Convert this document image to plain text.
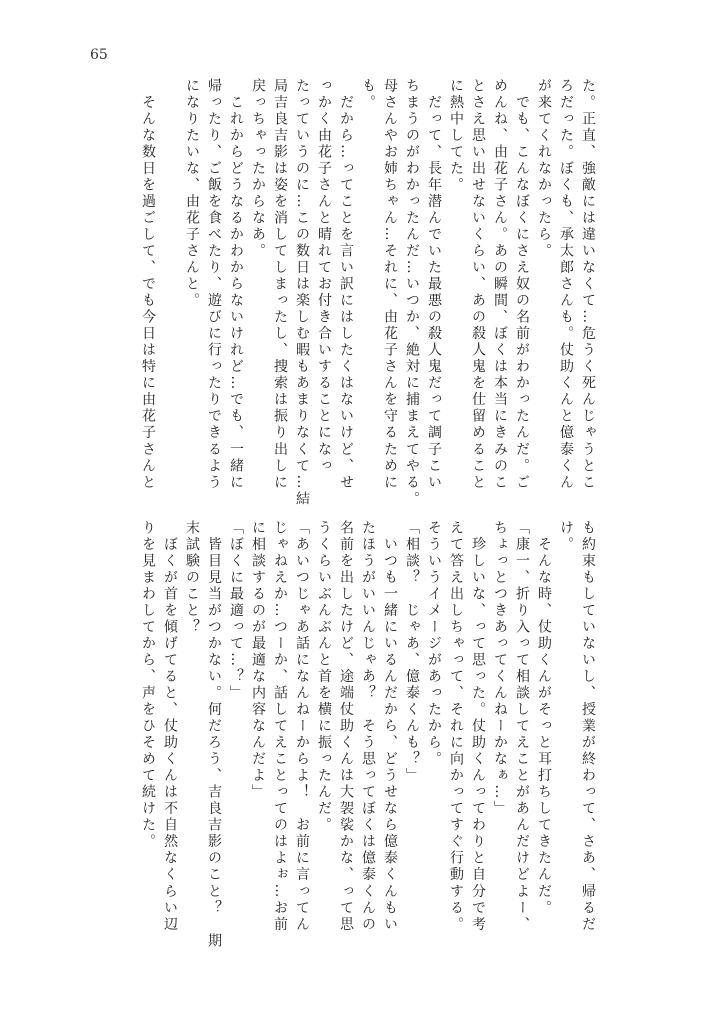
65
た。正直、強敵には違いなくて…危うく死んじゃうとこ
ろだった。ぼくも、承太郎さんも。仗助くんと億泰くん
が来てくれなかったら。
　でも、こんなぼくにさえ奴の名前がわかったんだ。ご
めんね、由花子さん。あの瞬間、ぼくは本当にきみのこ
とさえ思い出せないくらい、あの殺人鬼を仕留めること
に熱中してた。
　だって、長年潜んでいた最悪の殺人鬼だって調子こい
ちまうのがわかったんだ…いつか、絶対に捕まえてやる。
母さんやお姉ちゃん…それに、由花子さんを守るために
も。
　だから…ってことを言い訳にはしたくはないけど、せ
っかく由花子さんと晴れてお付き合いすることになっ
たっていうのに…この数日は楽しむ暇もあまりなくて…結
局吉良吉影は姿を消してしまったし、捜索は振り出しに
戻っちゃったからなあ。
　これからどうなるかわからないけれど…でも、一緒に
帰ったり、ご飯を食べたり、遊びに行ったりできるよう
になりたいな、由花子さんと。

　そんな数日を過ごして、でも今日は特に由花子さんと
も約束もしていないし、授業が終わって、さあ、帰るだ
け。
　そんな時、仗助くんがそっと耳打ちしてきたんだ。
「康一、折り入って相談してえことがあんだけどよー、
ちょっとつきあってくんねーかなぁ…」
　珍しいな、って思った。仗助くんってわりと自分で考
えて答え出しちゃって、それに向かってすぐ行動する。
そういうイメージがあったから。
「相談？　じゃあ、億泰くんも？」
　いつも一緒にいるんだから、どうせなら億泰くんもい
たほうがいいんじゃあ？　そう思ってぼくは億泰くんの
名前を出したけど、途端仗助くんは大袈裟かな、って思
うくらいぶんぶんと首を横に振ったんだ。
「あいつじゃあ話になんねーからよ！　お前に言ってん
じゃねえか…つーか、話してえことってのはよぉ…お前
に相談するのが最適な内容なんだよ」
「ぼくに最適って…？」
　皆目見当がつかない。何だろう、吉良吉影のこと？　期
末試験のこと？
　ぼくが首を傾げてると、仗助くんは不自然なくらい辺
りを見まわしてから、声をひそめて続けた。
